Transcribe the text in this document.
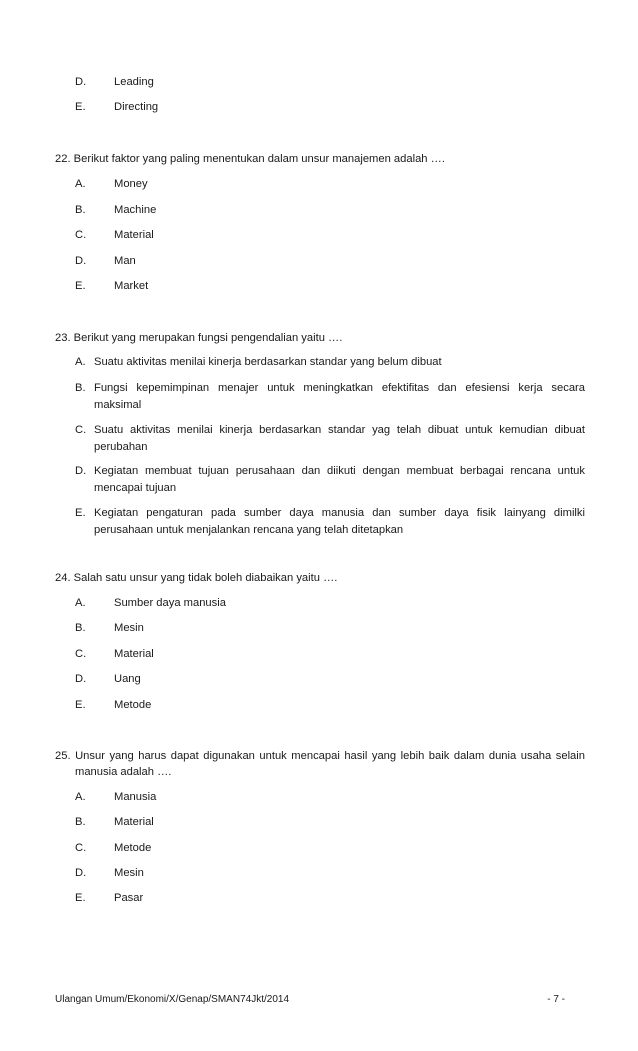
D. Leading
E.	Directing
22. Berikut faktor yang paling menentukan dalam unsur manajemen adalah ….
A.	Money
B.	Machine
C. Material
D. Man
E.	Market
23. Berikut yang merupakan fungsi pengendalian yaitu ….
A. Suatu aktivitas menilai kinerja berdasarkan standar yang belum dibuat
B. Fungsi kepemimpinan menajer untuk meningkatkan efektifitas dan efesiensi kerja secara
maksimal
C. Suatu aktivitas menilai kinerja berdasarkan standar yag telah dibuat untuk kemudian dibuat
perubahan
D. Kegiatan membuat tujuan perusahaan dan diikuti dengan membuat berbagai rencana untuk
mencapai tujuan
E. Kegiatan pengaturan pada sumber daya manusia dan sumber daya fisik lainyang dimilki
perusahaan untuk menjalankan rencana yang telah ditetapkan
24. Salah satu unsur yang tidak boleh diabaikan yaitu ….
A.	Sumber daya manusia
B.	Mesin
C. Material
D. Uang
E.	Metode
25. Unsur yang harus dapat digunakan untuk mencapai hasil yang lebih baik dalam dunia usaha selain
manusia adalah ….
A.	Manusia
B.	Material
C. Metode
D. Mesin
E.	Pasar
Ulangan Umum/Ekonomi/X/Genap/SMAN74Jkt/2014	- 7 -
